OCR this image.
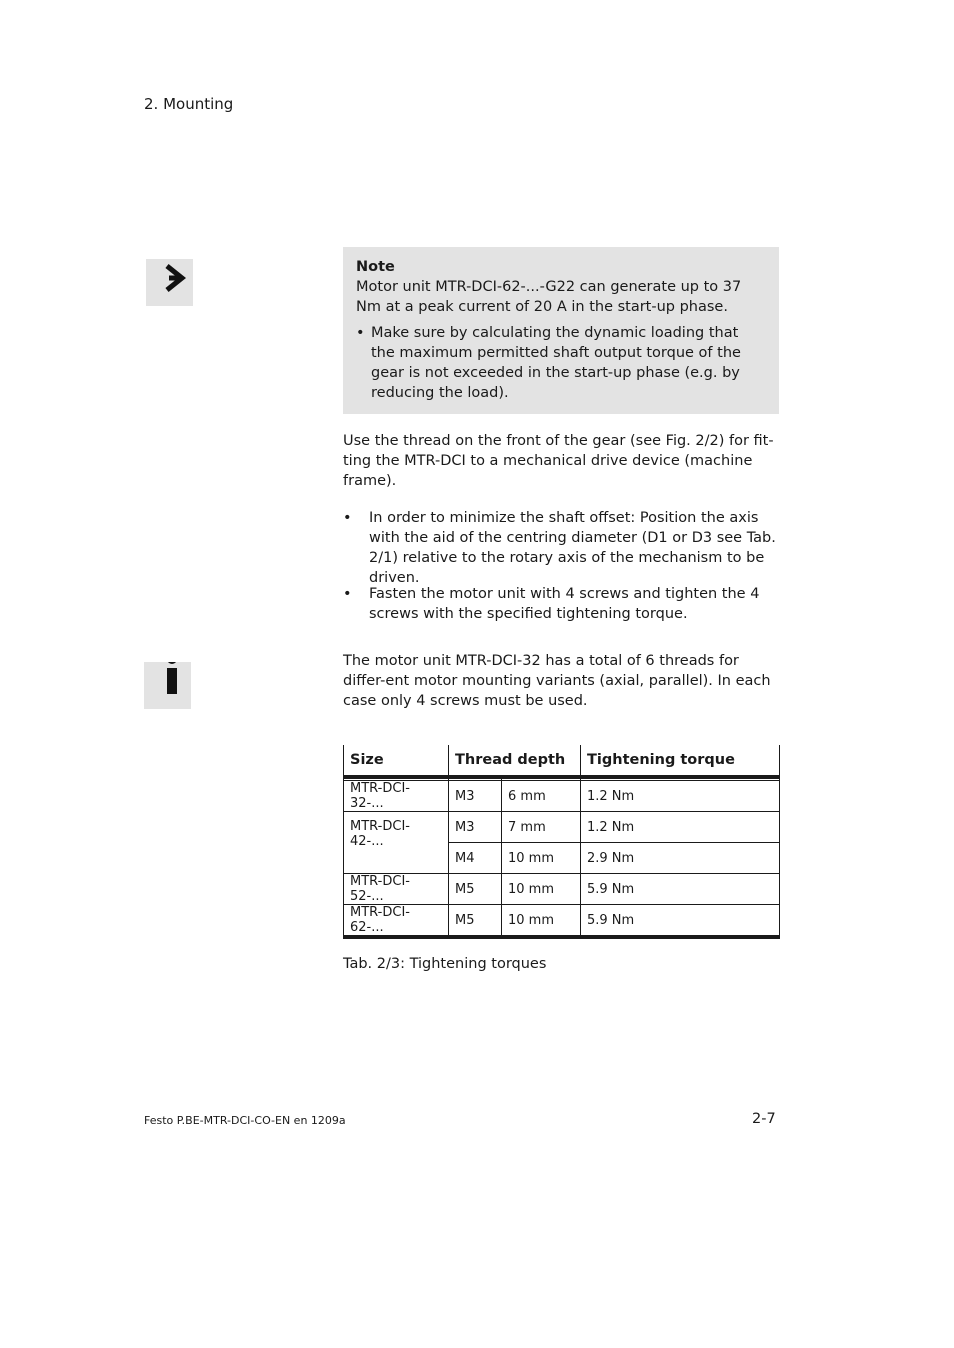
2. Mounting
Note
Motor unit MTR-DCI-62-...-G22 can generate up to 37 Nm at a peak current of 20 A in the start-up phase.
• Make sure by calculating the dynamic loading that the maximum permitted shaft output torque of the gear is not exceeded in the start-up phase (e.g. by reducing the load).
Use the thread on the front of the gear (see Fig. 2/2) for fit-ting the MTR-DCI to a mechanical drive device (machine frame).
•	In order to minimize the shaft offset: Position the axis with the aid of the centring diameter (D1 or D3 see Tab. 2/1) relative to the rotary axis of the mechanism to be driven.
•	Fasten the motor unit with 4 screws and tighten the 4 screws with the specified tightening torque.
The motor unit MTR-DCI-32 has a total of 6 threads for differ-ent motor mounting variants (axial, parallel). In each case only 4 screws must be used.
Size	Thread depth		Tightening torque

MTR-DCI-32-...	M3	6 mm	1.2 Nm
MTR-DCI-42-...	M3	7 mm	1.2 Nm
	M4	10 mm	2.9 Nm
MTR-DCI-52-...	M5	10 mm	5.9 Nm
MTR-DCI-62-...	M5	10 mm	5.9 Nm
Tab. 2/3: Tightening torques
Festo P.BE-MTR-DCI-CO-EN en 1209a	2-7
